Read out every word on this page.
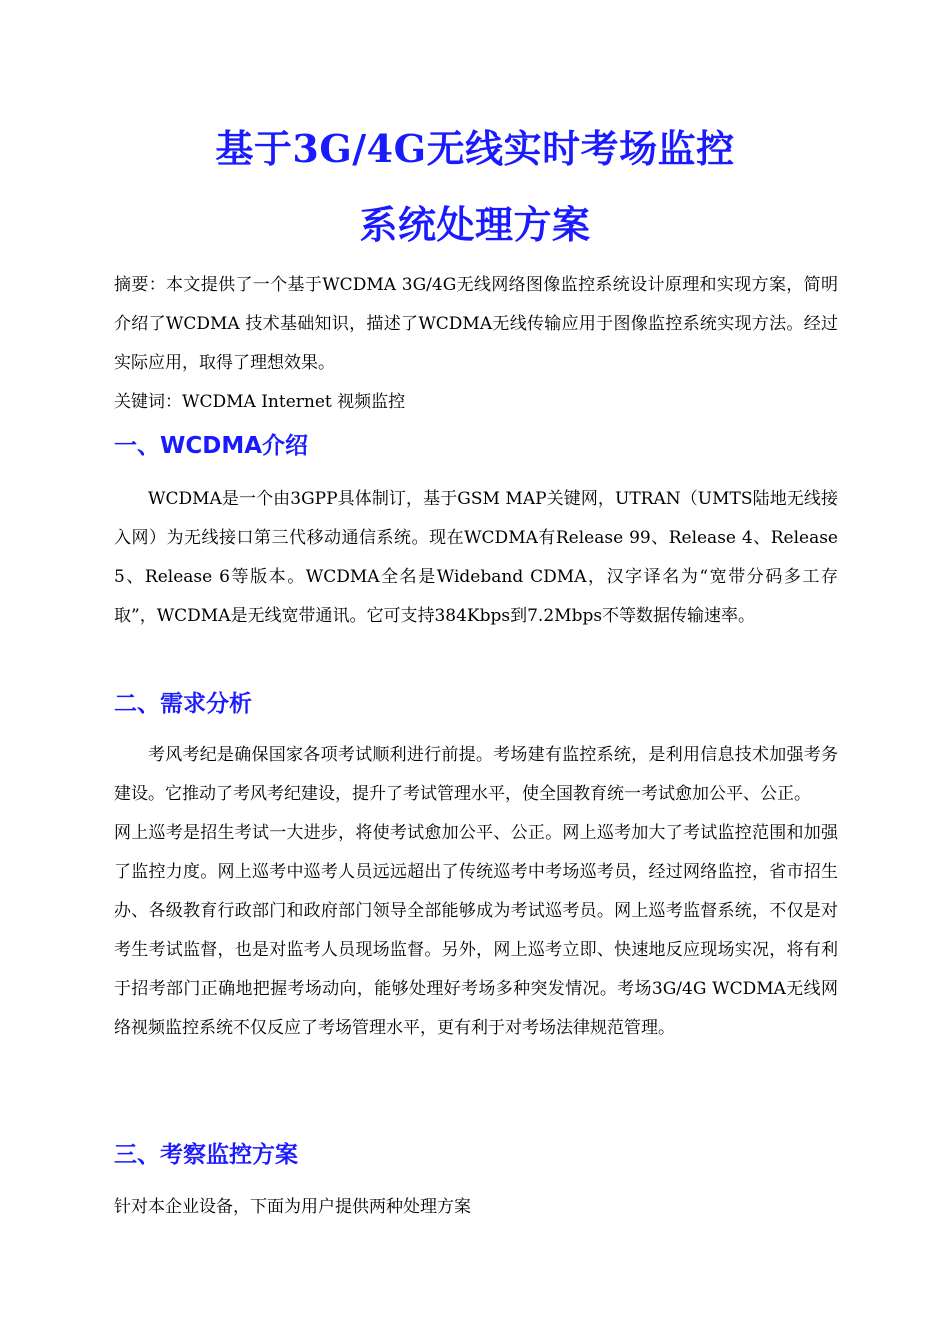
基于3G/4G无线实时考场监控
系统处理方案

摘要：本文提供了一个基于WCDMA 3G/4G无线网络图像监控系统设计原理和实现方案，简明介绍了WCDMA 技术基础知识，描述了WCDMA无线传输应用于图像监控系统实现方法。经过实际应用，取得了理想效果。

关键词：WCDMA Internet 视频监控

一、WCDMA介绍

WCDMA是一个由3GPP具体制订，基于GSM MAP关键网，UTRAN（UMTS陆地无线接入网）为无线接口第三代移动通信系统。现在WCDMA有Release 99、Release 4、Release 5、Release 6等版本。WCDMA全名是Wideband CDMA，汉字译名为“宽带分码多工存取”，WCDMA是无线宽带通讯。它可支持384Kbps到7.2Mbps不等数据传输速率。

二、需求分析

考风考纪是确保国家各项考试顺利进行前提。考场建有监控系统，是利用信息技术加强考务建设。它推动了考风考纪建设，提升了考试管理水平，使全国教育统一考试愈加公平、公正。

网上巡考是招生考试一大进步，将使考试愈加公平、公正。网上巡考加大了考试监控范围和加强了监控力度。网上巡考中巡考人员远远超出了传统巡考中考场巡考员，经过网络监控，省市招生办、各级教育行政部门和政府部门领导全部能够成为考试巡考员。网上巡考监督系统，不仅是对考生考试监督，也是对监考人员现场监督。另外，网上巡考立即、快速地反应现场实况，将有利于招考部门正确地把握考场动向，能够处理好考场多种突发情况。考场3G/4G WCDMA无线网络视频监控系统不仅反应了考场管理水平，更有利于对考场法律规范管理。

三、考察监控方案

针对本企业设备，下面为用户提供两种处理方案
